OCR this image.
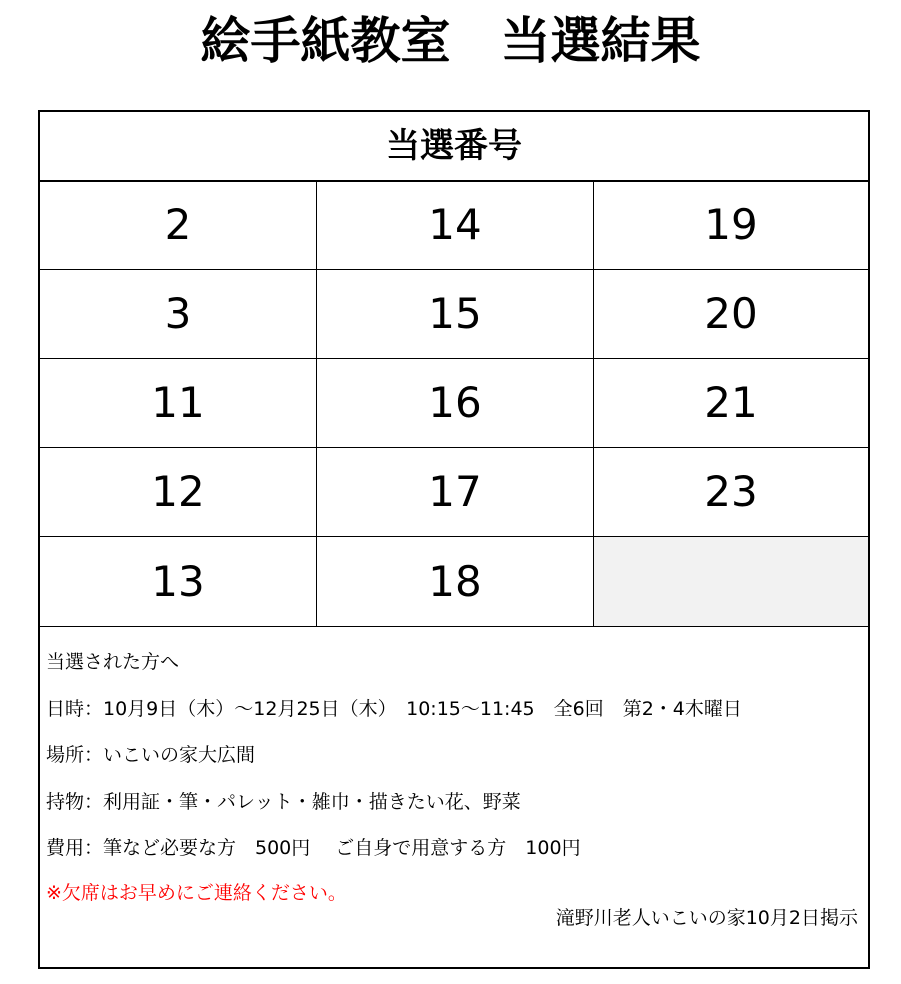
絵手紙教室　当選結果
当選番号
2	14	19
3	15	20
11	16	21
12	17	23
13	18
当選された方へ
日時：10月9日（木）～12月25日（木）　10:15～11:45　全6回　第2・4木曜日
場所：いこいの家大広間
持物：利用証・筆・パレット・雑巾・描きたい花、野菜
費用：筆など必要な方　500円　 ご自身で用意する方　100円
※欠席はお早めにご連絡ください。
滝野川老人いこいの家10月2日掲示
